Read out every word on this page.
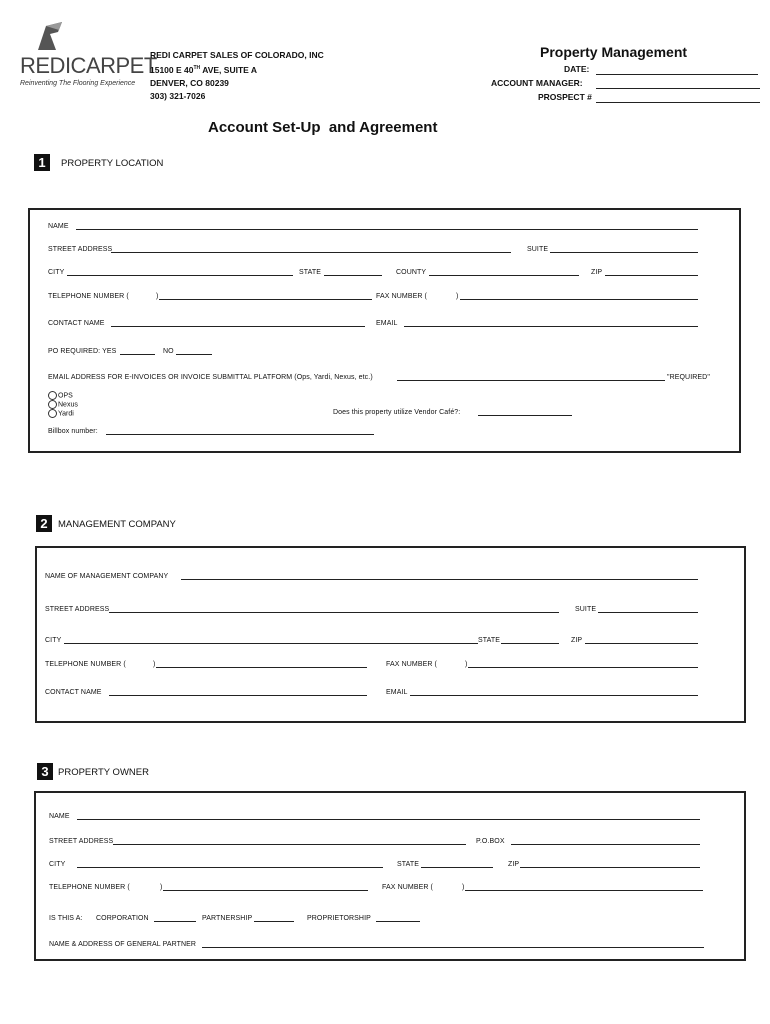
REDICARPET
Reinventing The Flooring Experience
REDI CARPET SALES OF COLORADO, INC
15100 E 40TH AVE, SUITE A
DENVER, CO 80239
303) 321-7026
Property Management
DATE:
ACCOUNT MANAGER:
PROSPECT #
Account Set-Up  and Agreement
1	PROPERTY LOCATION
NAME
STREET ADDRESS	SUITE
CITY	STATE	COUNTY	ZIP
TELEPHONE NUMBER (	)	FAX NUMBER (	)
CONTACT NAME	EMAIL
PO REQUIRED: YES	NO
EMAIL ADDRESS FOR E-INVOICES OR INVOICE SUBMITTAL PLATFORM (Ops, Yardi, Nexus, etc.)	"REQUIRED"
OPS
Nexus
Yardi	Does this property utilize Vendor Café?:
Billbox number:
2	MANAGEMENT COMPANY
NAME OF MANAGEMENT COMPANY
STREET ADDRESS	SUITE
CITY	STATE	ZIP
TELEPHONE NUMBER (	)	FAX NUMBER (	)
CONTACT NAME	EMAIL
3 PROPERTY OWNER
NAME
STREET ADDRESS	P.O.BOX
CITY	STATE	ZIP
TELEPHONE NUMBER (	)	FAX NUMBER (	)
IS THIS A: CORPORATION	PARTNERSHIP	PROPRIETORSHIP
NAME & ADDRESS OF GENERAL PARTNER
